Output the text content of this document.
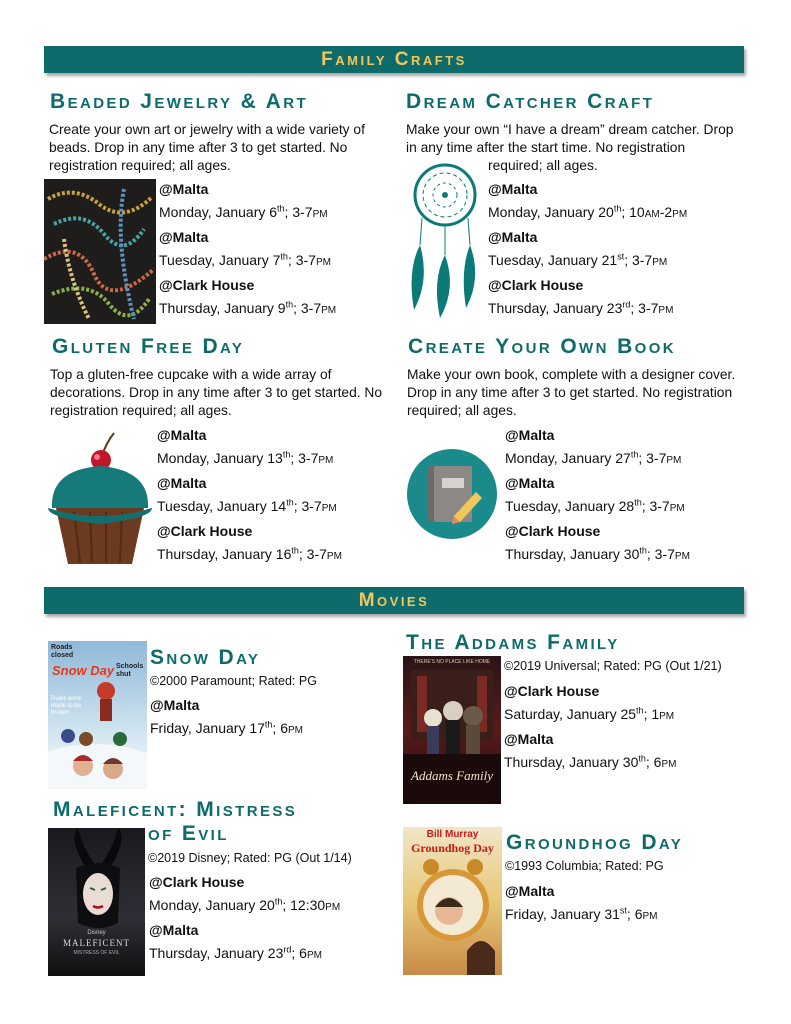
Family Crafts
Beaded Jewelry & Art
Create your own art or jewelry with a wide variety of beads. Drop in any time after 3 to get started. No registration required; all ages.
@Malta
Monday, January 6th; 3-7pm
@Malta
Tuesday, January 7th; 3-7pm
@Clark House
Thursday, January 9th; 3-7pm
Dream Catcher Craft
Make your own “I have a dream” dream catcher. Drop in any time after the start time. No registration
required; all ages.
@Malta
Monday, January 20th; 10am-2pm
@Malta
Tuesday, January 21st; 3-7pm
@Clark House
Thursday, January 23rd; 3-7pm
Gluten Free Day
Top a gluten-free cupcake with a wide array of decorations. Drop in any time after 3 to get started. No registration required; all ages.
@Malta
Monday, January 13th; 3-7pm
@Malta
Tuesday, January 14th; 3-7pm
@Clark House
Thursday, January 16th; 3-7pm
Create Your Own Book
Make your own book, complete with a designer cover. Drop in any time after 3 to get started. No registration required; all ages.
@Malta
Monday, January 27th; 3-7pm
@Malta
Tuesday, January 28th; 3-7pm
@Clark House
Thursday, January 30th; 3-7pm
Movies
Roads closed
Schools shut
Snow Day
Rules were made to be broken
Snow Day
©2000 Paramount; Rated: PG
@Malta
Friday, January 17th; 6pm
The Addams Family
THERE'S NO PLACE LIKE HOME
Addams Family
©2019 Universal; Rated: PG (Out 1/21)
@Clark House
Saturday, January 25th; 1pm
@Malta
Thursday, January 30th; 6pm
Maleficent: Mistress
of Evil
Disney
MALEFICENT
MISTRESS OF EVIL
©2019 Disney; Rated: PG (Out 1/14)
@Clark House
Monday, January 20th; 12:30pm
@Malta
Thursday, January 23rd; 6pm
Bill Murray
Groundhog Day Groundhog Day
©1993 Columbia; Rated: PG
@Malta
Friday, January 31st; 6pm
